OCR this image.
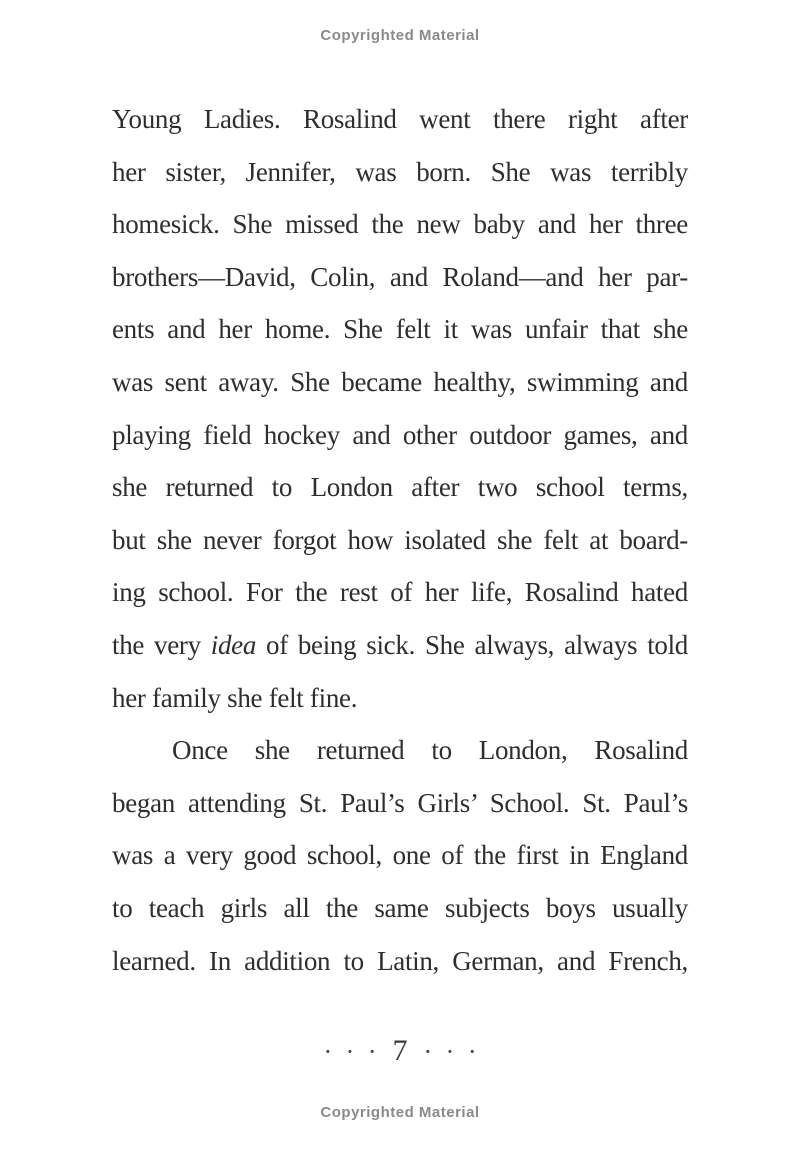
Copyrighted Material
Young Ladies. Rosalind went there right after
her sister, Jennifer, was born. She was terribly
homesick. She missed the new baby and her three
brothers—David, Colin, and Roland—and her par-
ents and her home. She felt it was unfair that she
was sent away. She became healthy, swimming and
playing field hockey and other outdoor games, and
she returned to London after two school terms,
but she never forgot how isolated she felt at board-
ing school. For the rest of her life, Rosalind hated
the very idea of being sick. She always, always told
her family she felt fine.
Once she returned to London, Rosalind
began attending St. Paul’s Girls’ School. St. Paul’s
was a very good school, one of the first in England
to teach girls all the same subjects boys usually
learned. In addition to Latin, German, and French,
· · · 7 · · ·
Copyrighted Material
